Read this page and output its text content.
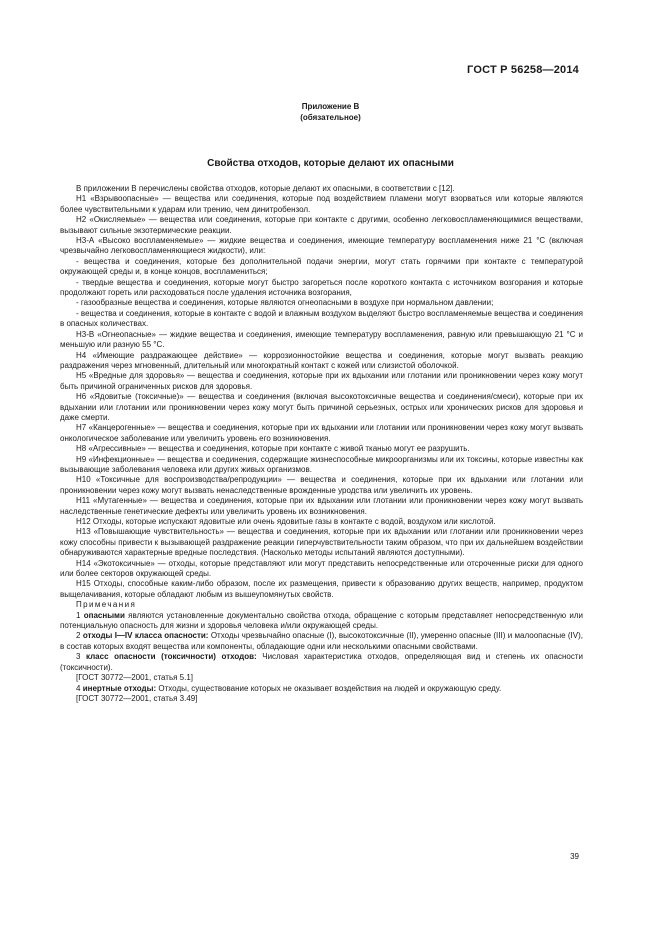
ГОСТ Р 56258—2014
Приложение В
(обязательное)
Свойства отходов, которые делают их опасными

В приложении В перечислены свойства отходов, которые делают их опасными, в соответствии с [12].

Н1 «Взрывоопасные» — вещества или соединения, которые под воздействием пламени могут взорваться или которые являются более чувствительными к ударам или трению, чем динитробензол.

Н2 «Окисляемые» — вещества или соединения, которые при контакте с другими, особенно легковоспламеняющимися веществами, вызывают сильные экзотермические реакции.

Н3-А «Высоко воспламеняемые» — жидкие вещества и соединения, имеющие температуру воспламенения ниже 21 °С (включая чрезвычайно легковоспламеняющиеся жидкости), или:

- вещества и соединения, которые без дополнительной подачи энергии, могут стать горячими при контакте с температурой окружающей среды и, в конце концов, воспламениться;

- твердые вещества и соединения, которые могут быстро загореться после короткого контакта с источником возгорания и которые продолжают гореть или расходоваться после удаления источника возгорания,

- газообразные вещества и соединения, которые являются огнеопасными в воздухе при нормальном давлении;

- вещества и соединения, которые в контакте с водой и влажным воздухом выделяют быстро воспламеняемые вещества и соединения в опасных количествах.

Н3-В «Огнеопасные» — жидкие вещества и соединения, имеющие температуру воспламенения, равную или превышающую 21 °С и меньшую или разную 55 °С.

Н4 «Имеющие раздражающее действие» — коррозионностойкие вещества и соединения, которые могут вызвать реакцию раздражения через мгновенный, длительный или многократный контакт с кожей или слизистой оболочкой.

Н5 «Вредные для здоровья» — вещества и соединения, которые при их вдыхании или глотании или проникновении через кожу могут быть причиной ограниченных рисков для здоровья.

Н6 «Ядовитые (токсичные)» — вещества и соединения (включая высокотоксичные вещества и соединения/смеси), которые при их вдыхании или глотании или проникновении через кожу могут быть причиной серьезных, острых или хронических рисков для здоровья и даже смерти.

Н7 «Канцерогенные» — вещества и соединения, которые при их вдыхании или глотании или проникновении через кожу могут вызвать онкологическое заболевание или увеличить уровень его возникновения.

Н8 «Агрессивные» — вещества и соединения, которые при контакте с живой тканью могут ее разрушить.

Н9 «Инфекционные» — вещества и соединения, содержащие жизнеспособные микроорганизмы или их токсины, которые известны как вызывающие заболевания человека или других живых организмов.

Н10 «Токсичные для воспроизводства/репродукции» — вещества и соединения, которые при их вдыхании или глотании или проникновении через кожу могут вызвать ненаследственные врожденные уродства или увеличить их уровень.

Н11 «Мутагенные» — вещества и соединения, которые при их вдыхании или глотании или проникновении через кожу могут вызвать наследственные генетические дефекты или увеличить уровень их возникновения.

Н12 Отходы, которые испускают ядовитые или очень ядовитые газы в контакте с водой, воздухом или кислотой.

Н13 «Повышающие чувствительность» — вещества и соединения, которые при их вдыхании или глотании или проникновении через кожу способны привести к вызывающей раздражение реакции гиперчувствительности таким образом, что при их дальнейшем воздействии обнаруживаются характерные вредные последствия. (Насколько методы испытаний являются доступными).

Н14 «Экотоксичные» — отходы, которые представляют или могут представить непосредственные или отсроченные риски для одного или более секторов окружающей среды.

Н15 Отходы, способные каким-либо образом, после их размещения, привести к образованию других веществ, например, продуктом выщелачивания, которые обладают любым из вышеупомянутых свойств.

Примечания

1 опасными являются установленные документально свойства отхода, обращение с которым представляет непосредственную или потенциальную опасность для жизни и здоровья человека и/или окружающей среды.

2 отходы I—IV класса опасности: Отходы чрезвычайно опасные (I), высокотоксичные (II), умеренно опасные (III) и малоопасные (IV), в состав которых входят вещества или компоненты, обладающие одни или несколькими опасными свойствами.

3 класс опасности (токсичности) отходов: Числовая характеристика отходов, определяющая вид и степень их опасности (токсичности).

[ГОСТ 30772—2001, статья 5.1]

4 инертные отходы: Отходы, существование которых не оказывает воздействия на людей и окружающую среду.

[ГОСТ 30772—2001, статья 3.49]

39
